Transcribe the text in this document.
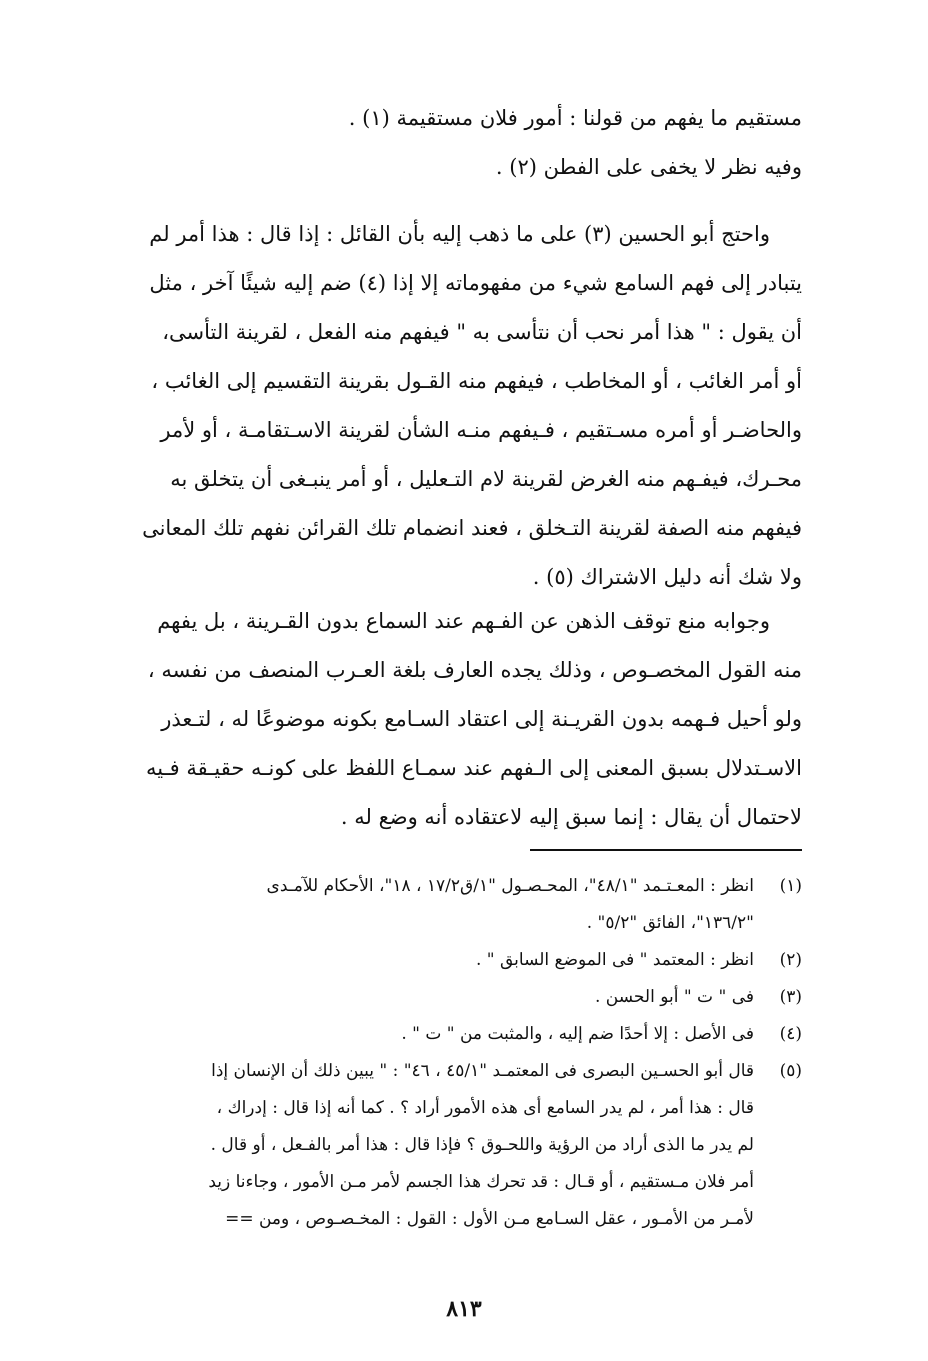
مستقيم ما يفهم من قولنا : أمور فلان مستقيمة (١) .
وفيه نظر لا يخفى على الفطن (٢) .
واحتج أبو الحسين (٣) على ما ذهب إليه بأن القائل : إذا قال : هذا أمر لم
يتبادر إلى فهم السامع شيء من مفهوماته إلا إذا (٤) ضم إليه شيئًا آخر ، مثل
أن يقول : " هذا أمر نحب أن نتأسى به " فيفهم منه الفعل ، لقرينة التأسى،
أو أمر الغائب ، أو المخاطب ، فيفهم منه القـول بقرينة التقسيم إلى الغائب ،
والحاضـر أو أمره مسـتقيم ، فـيفهم منـه الشأن لقرينة الاسـتقامـة ، أو لأمر
محـرك، فيفـهم منه الغرض لقرينة لام التـعليل ، أو أمر ينبـغى أن يتخلق به
فيفهم منه الصفة لقرينة التـخلق ، فعند انضمام تلك القرائن نفهم تلك المعانى
ولا شك أنه دليل الاشتراك (٥) .
وجوابه منع توقف الذهن عن الفـهم عند السماع بدون القـرينة ، بل يفهم
منه القول المخصـوص ، وذلك يجده العارف بلغة العـرب المنصف من نفسه ،
ولو أحيل فـهمه بدون القريـنة إلى اعتقاد السـامع بكونه موضوعًا له ، لتـعذر
الاسـتدلال بسبق المعنى إلى الـفهم عند سمـاع اللفظ على كونـه حقيـقة فـيه
لاحتمال أن يقال : إنما سبق إليه لاعتقاده أنه وضع له .
(١)
انظر : المعـتـمد "٤٨/١"، المحـصـول "١/ق١٧/٢ ، ١٨"، الأحكام للآمـدى
"١٣٦/٢"، الفائق "٥/٢" .
(٢)
انظر : المعتمد " فى الموضع السابق " .
(٣)
فى " ت " أبو الحسن .
(٤)
فى الأصل : إلا أحدًا ضم إليه ، والمثبت من " ت " .
(٥)
قال أبو الحسـين البصرى فى المعتمـد "٤٥/١ ، ٤٦" : " يبين ذلك أن الإنسان إذا
قال : هذا أمر ، لم يدر السامع أى هذه الأمور أراد ؟ . كما أنه إذا قال : إدراك ،
لم يدر ما الذى أراد من الرؤية واللحـوق ؟ فإذا قال : هذا أمر بالفـعل ، أو قال .
أمر فلان مـستقيم ، أو قـال : قد تحرك هذا الجسم لأمر مـن الأمور ، وجاءنا زيد
لأمـر من الأمـور ، عقل السـامع مـن الأول : القول : المخـصـوص ، ومن ==
٨١٣
